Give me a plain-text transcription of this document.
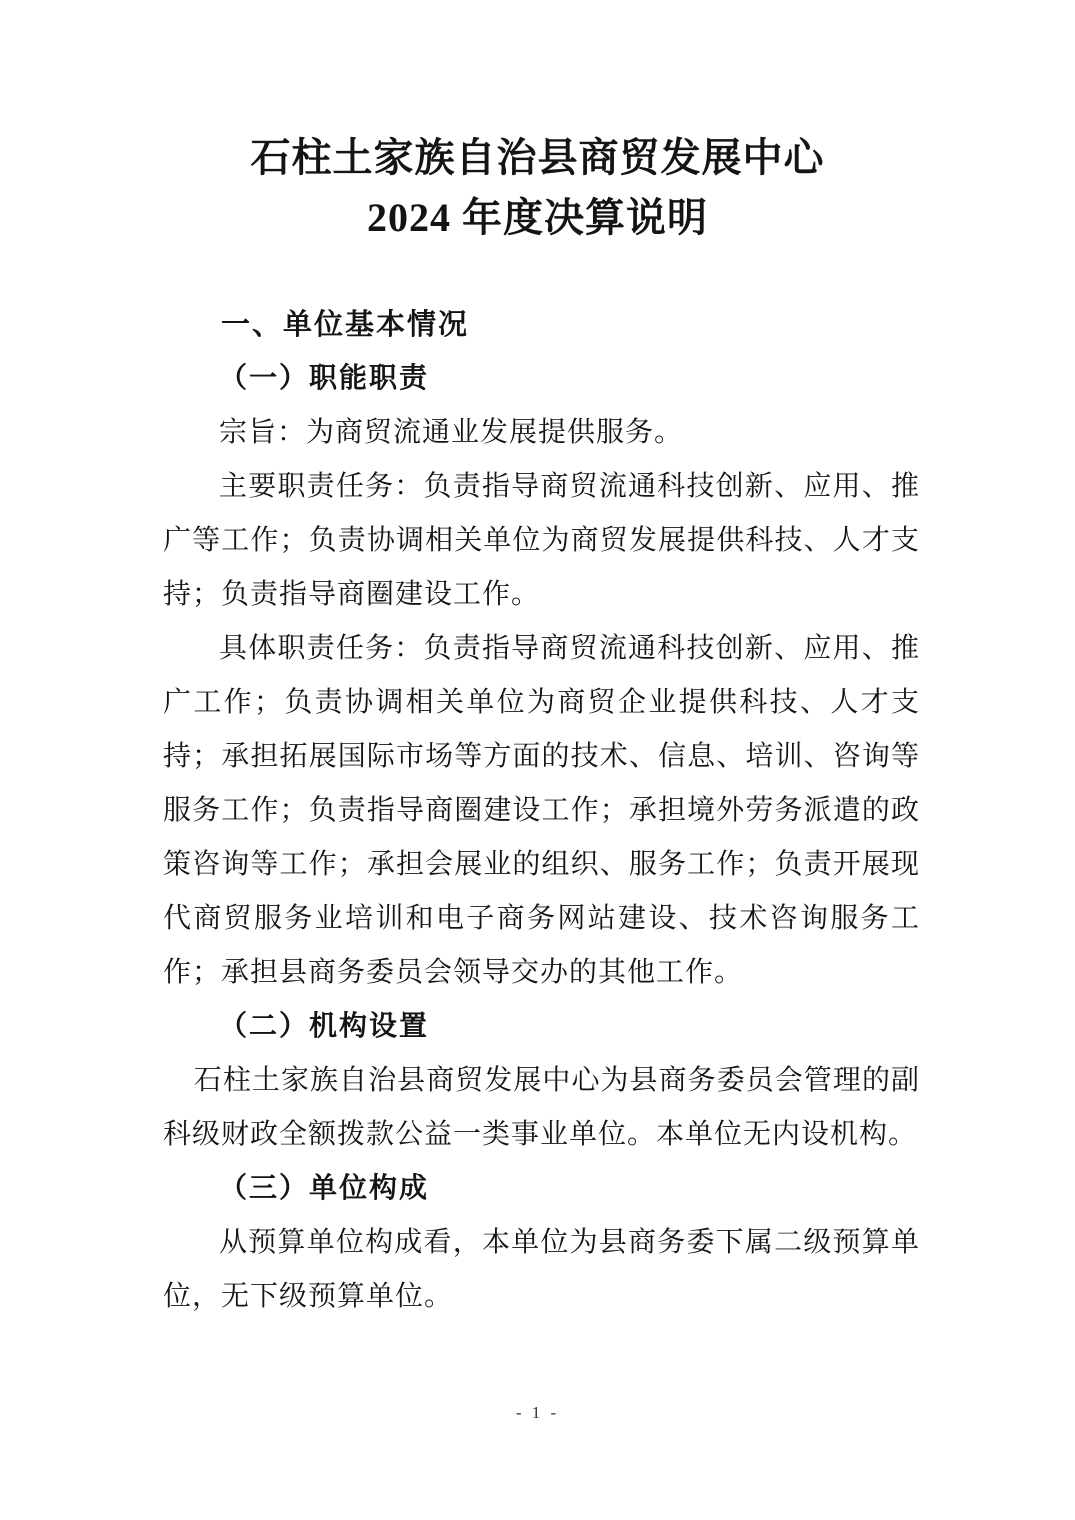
石柱土家族自治县商贸发展中心
2024 年度决算说明

一、单位基本情况

（一）职能职责

宗旨：为商贸流通业发展提供服务。

主要职责任务：负责指导商贸流通科技创新、应用、推广等工作；负责协调相关单位为商贸发展提供科技、人才支持；负责指导商圈建设工作。

具体职责任务：负责指导商贸流通科技创新、应用、推广工作；负责协调相关单位为商贸企业提供科技、人才支持；承担拓展国际市场等方面的技术、信息、培训、咨询等服务工作；负责指导商圈建设工作；承担境外劳务派遣的政策咨询等工作；承担会展业的组织、服务工作；负责开展现代商贸服务业培训和电子商务网站建设、技术咨询服务工作；承担县商务委员会领导交办的其他工作。

（二）机构设置

石柱土家族自治县商贸发展中心为县商务委员会管理的副科级财政全额拨款公益一类事业单位。本单位无内设机构。

（三）单位构成

从预算单位构成看，本单位为县商务委下属二级预算单位，无下级预算单位。

- 1 -
